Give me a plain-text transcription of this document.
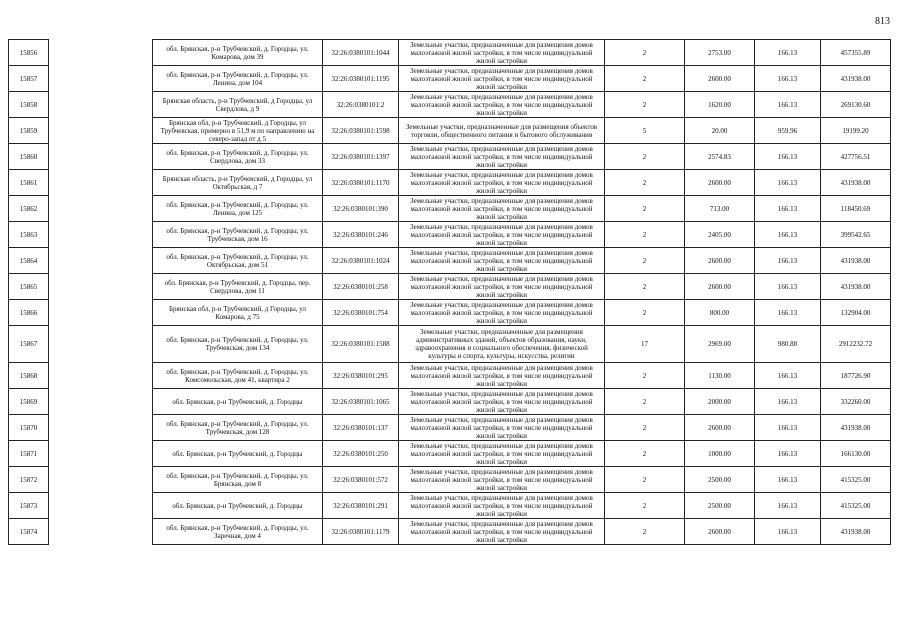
813
15856		обл. Брянская, р-н Трубчевский, д. Городцы, ул. Комарова, дом 39	32:26:0380101:1044	Земельные участки, предназначенные для размещения домов малоэтажной жилой застройки, в том числе индивидуальной жилой застройки	2	2753.00	166.13	457355.89
15857		обл. Брянская, р-н Трубчевский, д. Городцы, ул. Ленина, дом 104	32:26:0380101:1195	Земельные участки, предназначенные для размещения домов малоэтажной жилой застройки, в том числе индивидуальной жилой застройки	2	2600.00	166.13	431938.00
15858		Брянская область, р-н Трубчевский, д Городцы, ул Свердлова, д 9	32:26:0380101:2	Земельные участки, предназначенные для размещения домов малоэтажной жилой застройки, в том числе индивидуальной жилой застройки	2	1620.00	166.13	269130.60
15859		Брянская обл, р-н Трубчевский, д Городцы, ул Трубчевская, примерно в 51,9 м по направлению на северо-запад от д 5	32:26:0380101:1598	Земельные участки, предназначенные для размещения объектов торговли, общественного питания и бытового обслуживания	5	20.00	959.96	19199.20
15860		обл. Брянская, р-н Трубчевский, д. Городцы, ул. Свердлова, дом 33	32:26:0380101:1397	Земельные участки, предназначенные для размещения домов малоэтажной жилой застройки, в том числе индивидуальной жилой застройки	2	2574.83	166.13	427756.51
15861		Брянская область, р-н Трубчевский, д Городцы, ул Октябрьская, д 7	32:26:0380101:1170	Земельные участки, предназначенные для размещения домов малоэтажной жилой застройки, в том числе индивидуальной жилой застройки	2	2600.00	166.13	431938.00
15862		обл. Брянская, р-н Трубчевский, д. Городцы, ул. Ленина, дом 125	32:26:0380101:390	Земельные участки, предназначенные для размещения домов малоэтажной жилой застройки, в том числе индивидуальной жилой застройки	2	713.00	166.13	118450.69
15863		обл. Брянская, р-н Трубчевский, д. Городцы, ул. Трубчевская, дом 16	32:26:0380101:246	Земельные участки, предназначенные для размещения домов малоэтажной жилой застройки, в том числе индивидуальной жилой застройки	2	2405.00	166.13	399542.65
15864		обл. Брянская, р-н Трубчевский, д. Городцы, ул. Октябрьская, дом 51	32:26:0380101:1024	Земельные участки, предназначенные для размещения домов малоэтажной жилой застройки, в том числе индивидуальной жилой застройки	2	2600.00	166.13	431938.00
15865		обл. Брянская, р-н Трубчевский, д. Городцы, пер. Свердлова, дом 11	32:26:0380101:258	Земельные участки, предназначенные для размещения домов малоэтажной жилой застройки, в том числе индивидуальной жилой застройки	2	2600.00	166.13	431938.00
15866		Брянская обл, р-н Трубчевский, д Городцы, ул Комарова, д 75	32:26:0380101:754	Земельные участки, предназначенные для размещения домов малоэтажной жилой застройки, в том числе индивидуальной жилой застройки	2	800.00	166.13	132904.00
15867		обл. Брянская, р-н Трубчевский, д. Городцы, ул. Трубчевская, дом 134	32:26:0380101:1588	Земельные участки, предназначенные для размещения административных зданий, объектов образования, науки, здравоохранения и социального обеспечения, физической культуры и спорта, культуры, искусства, религии	17	2969.00	980.88	2912232.72
15868		обл. Брянская, р-н Трубчевский, д. Городцы, ул. Комсомольская, дом 41, квартира 2	32:26:0380101:295	Земельные участки, предназначенные для размещения домов малоэтажной жилой застройки, в том числе индивидуальной жилой застройки	2	1130.00	166.13	187726.90
15869		обл. Брянская, р-н Трубчевский, д. Городцы	32:26:0380101:1065	Земельные участки, предназначенные для размещения домов малоэтажной жилой застройки, в том числе индивидуальной жилой застройки	2	2000.00	166.13	332260.00
15870		обл. Брянская, р-н Трубчевский, д. Городцы, ул. Трубчевская, дом 128	32:26:0380101:137	Земельные участки, предназначенные для размещения домов малоэтажной жилой застройки, в том числе индивидуальной жилой застройки	2	2600.00	166.13	431938.00
15871		обл. Брянская, р-н Трубчевский, д. Городцы	32:26:0380101:250	Земельные участки, предназначенные для размещения домов малоэтажной жилой застройки, в том числе индивидуальной жилой застройки	2	1000.00	166.13	166130.00
15872		обл. Брянская, р-н Трубчевский, д. Городцы, ул. Брянская, дом 8	32:26:0380101:572	Земельные участки, предназначенные для размещения домов малоэтажной жилой застройки, в том числе индивидуальной жилой застройки	2	2500.00	166.13	415325.00
15873		обл. Брянская, р-н Трубчевский, д. Городцы	32:26:0380101:291	Земельные участки, предназначенные для размещения домов малоэтажной жилой застройки, в том числе индивидуальной жилой застройки	2	2500.00	166.13	415325.00
15874		обл. Брянская, р-н Трубчевский, д. Городцы, ул. Заречная, дом 4	32:26:0380101:1179	Земельные участки, предназначенные для размещения домов малоэтажной жилой застройки, в том числе индивидуальной жилой застройки	2	2600.00	166.13	431938.00
